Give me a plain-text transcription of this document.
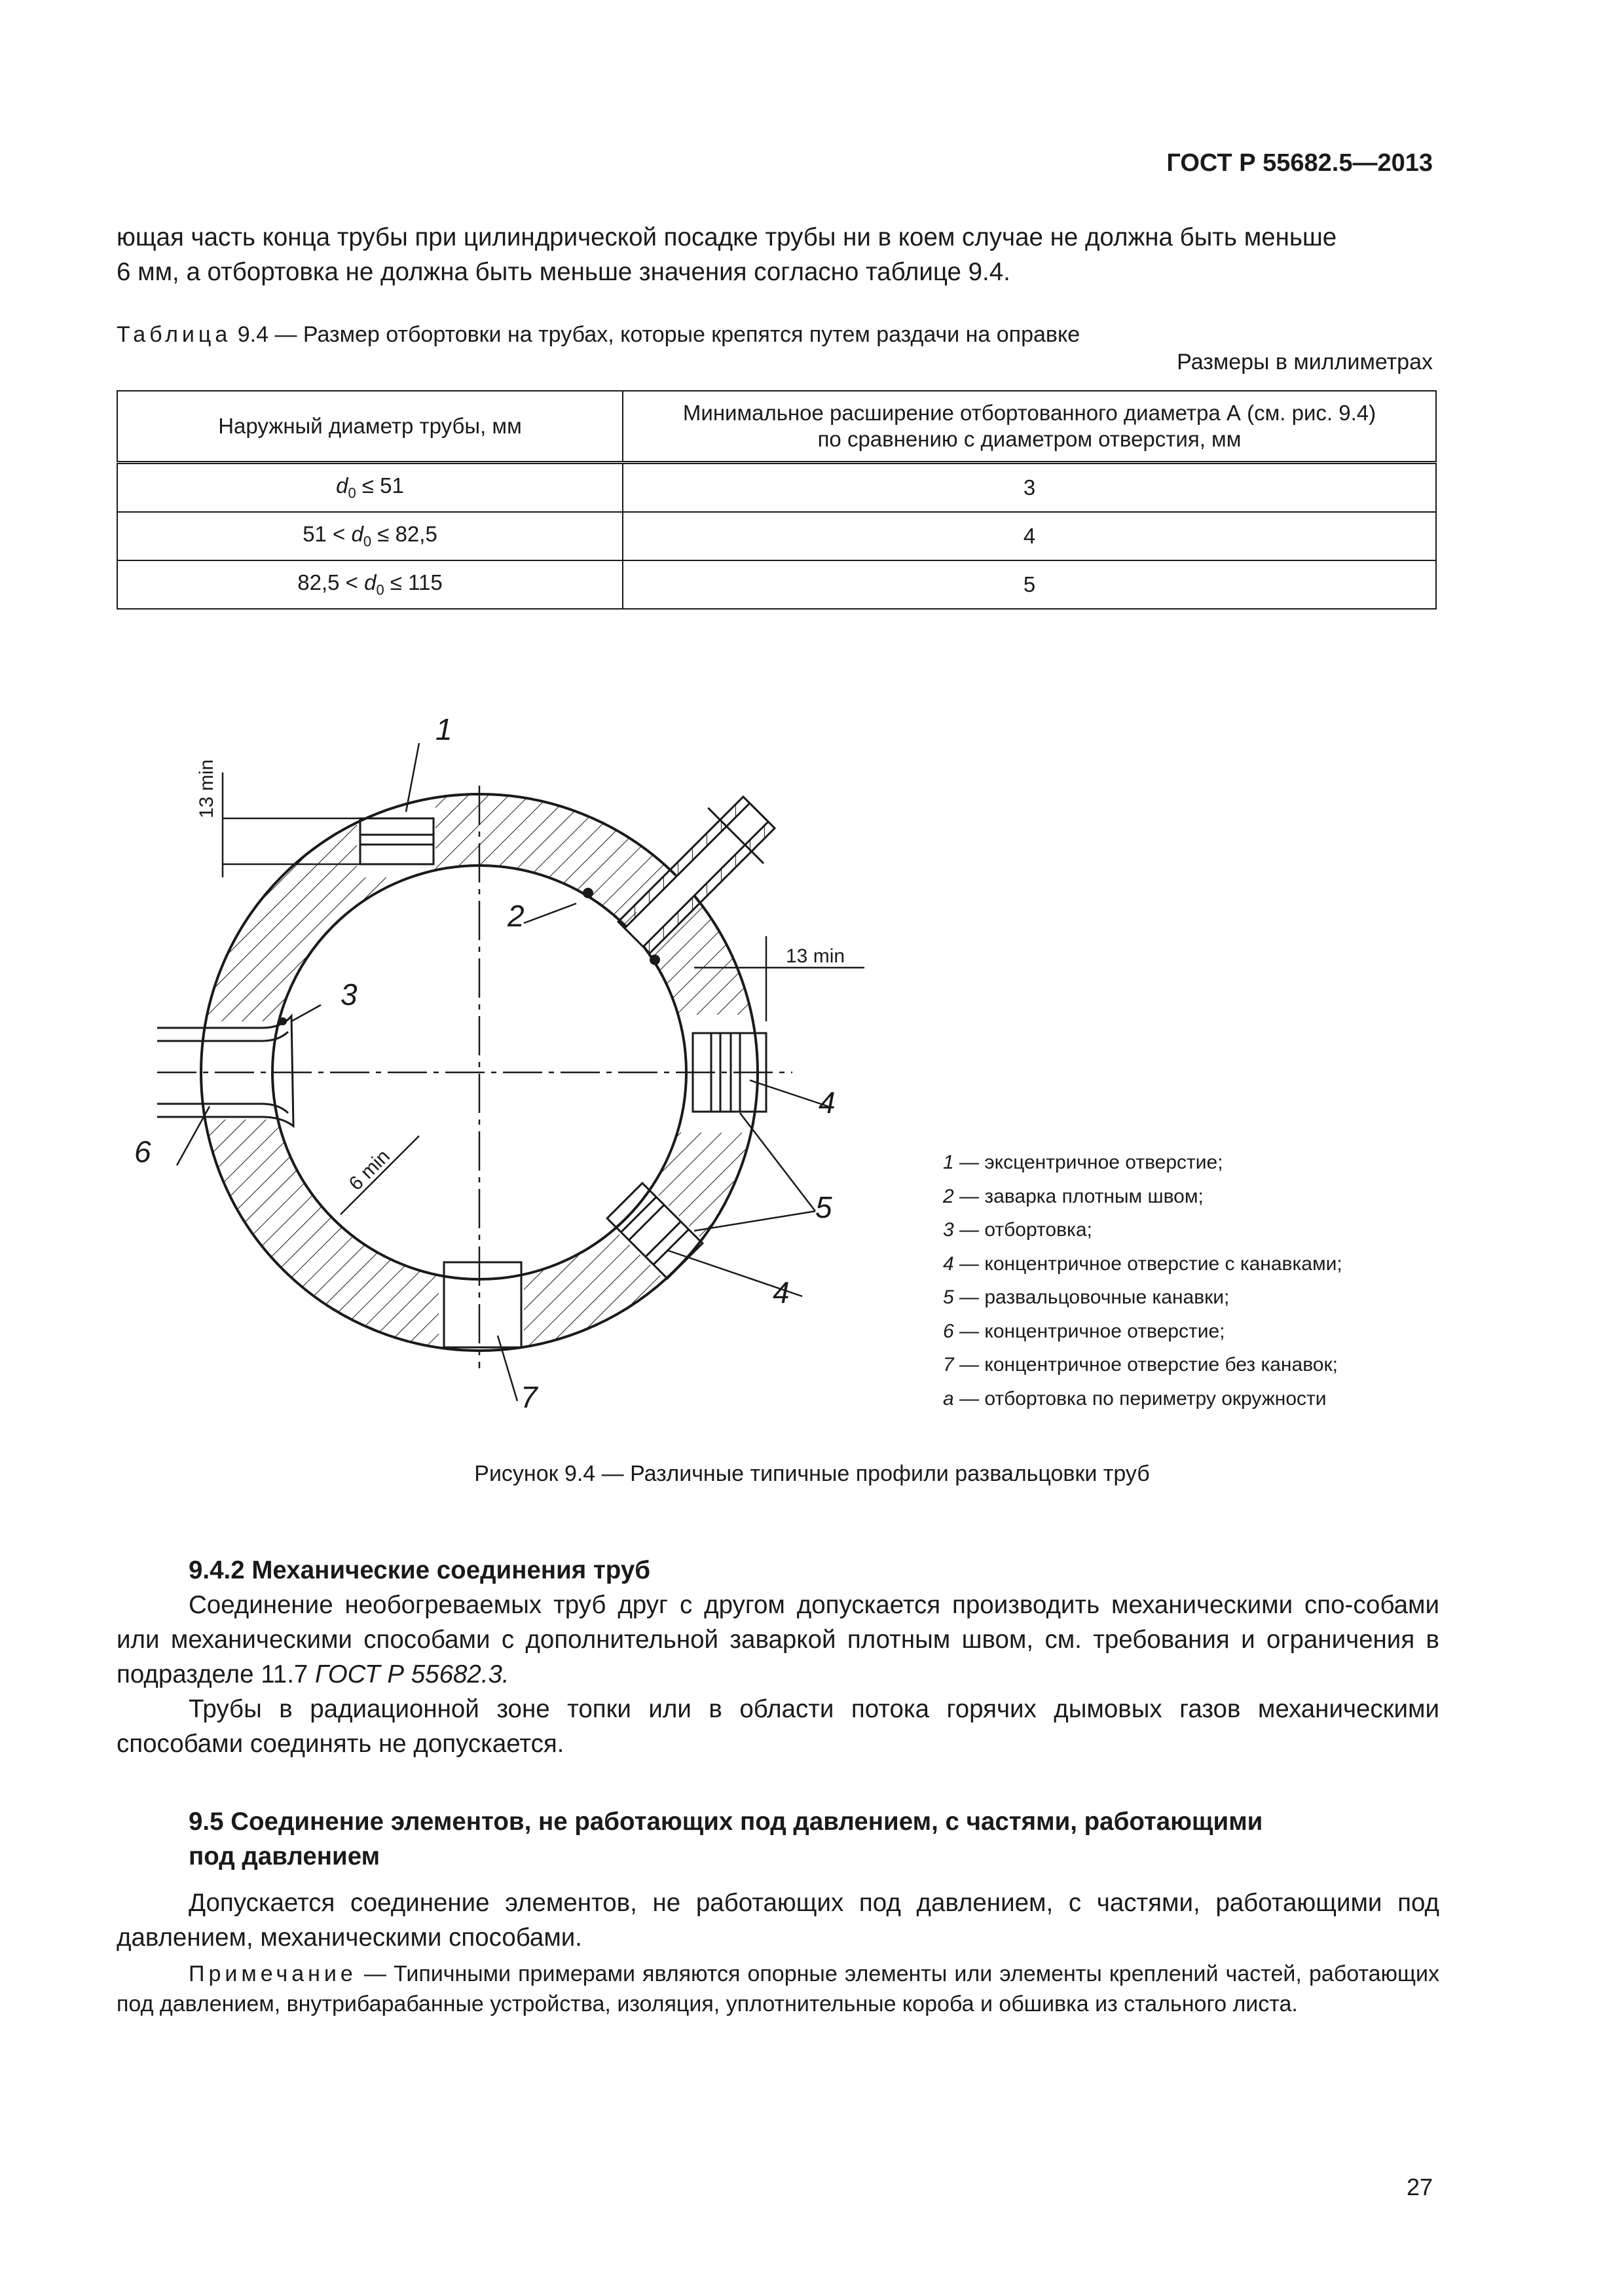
ГОСТ Р 55682.5—2013
ющая часть конца трубы при цилиндрической посадке трубы ни в коем случае не должна быть меньше
6 мм, а отбортовка не должна быть меньше значения согласно таблице 9.4.
Таблица 9.4 — Размер отбортовки на трубах, которые крепятся путем раздачи на оправке
Размеры в миллиметрах
Наружный диаметр трубы, мм	Минимальное расширение отбортованного диаметра А (см. рис. 9.4)
по сравнению с диаметром отверстия, мм

$d_0 \le 51$	3
$51 < d_0 \le 82,5$	4
$82,5 < d_0 \le 115$	5
13 min
13 min
6 min
1
2
3
4
4
5
6
7
1 — эксцентричное отверстие;
2 — заварка плотным швом;
3 — отбортовка;
4 — концентричное отверстие с канавками;
5 — развальцовочные канавки;
6 — концентричное отверстие;
7 — концентричное отверстие без канавок;
a — отбортовка по периметру окружности
Рисунок 9.4 — Различные типичные профили развальцовки труб
9.4.2 Механические соединения труб
Соединение необогреваемых труб друг с другом допускается производить механическими спо-собами или механическими способами с дополнительной заваркой плотным швом, см. требования и ограничения в подразделе 11.7 ГОСТ Р 55682.3.
Трубы в радиационной зоне топки или в области потока горячих дымовых газов механическими способами соединять не допускается.
9.5 Соединение элементов, не работающих под давлением, с частями, работающими
под давлением
Допускается соединение элементов, не работающих под давлением, с частями, работающими под давлением, механическими способами.
Примечание — Типичными примерами являются опорные элементы или элементы креплений частей, работающих под давлением, внутрибарабанные устройства, изоляция, уплотнительные короба и обшивка из стального листа.
27
